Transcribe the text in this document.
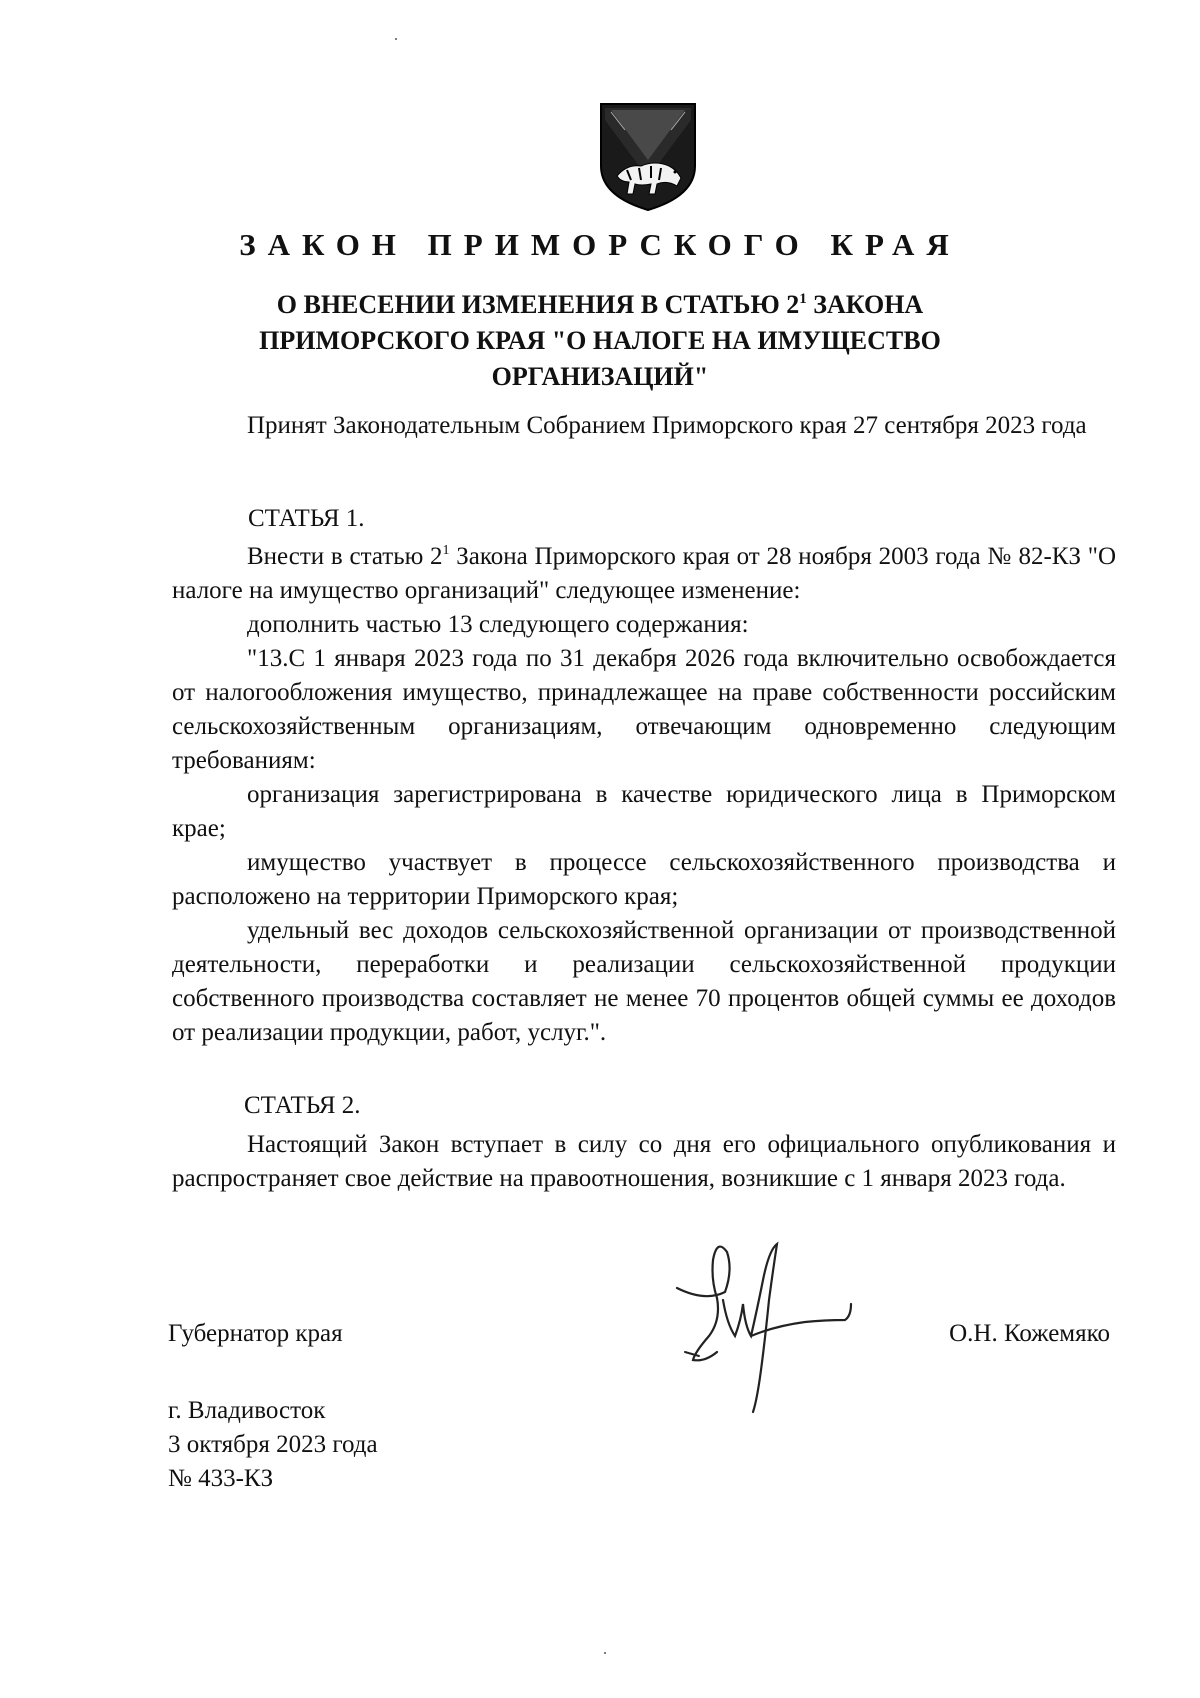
ЗАКОН ПРИМОРСКОГО КРАЯ
О ВНЕСЕНИИ ИЗМЕНЕНИЯ В СТАТЬЮ $2^1$ ЗАКОНА ПРИМОРСКОГО КРАЯ "О НАЛОГЕ НА ИМУЩЕСТВО ОРГАНИЗАЦИЙ"

Принят Законодательным Собранием Приморского края 27 сентября 2023 года

СТАТЬЯ 1.

Внести в статью $2^1$ Закона Приморского края от 28 ноября 2003 года № 82-КЗ "О налоге на имущество организаций" следующее изменение:

дополнить частью 13 следующего содержания:

"13.С 1 января 2023 года по 31 декабря 2026 года включительно освобождается от налогообложения имущество, принадлежащее на праве собственности российским сельскохозяйственным организациям, отвечающим одновременно следующим требованиям:

организация зарегистрирована в качестве юридического лица в Приморском крае;

имущество участвует в процессе сельскохозяйственного производства и расположено на территории Приморского края;

удельный вес доходов сельскохозяйственной организации от производственной деятельности, переработки и реализации сельскохозяйственной продукции собственного производства составляет не менее 70 процентов общей суммы ее доходов от реализации продукции, работ, услуг.".

СТАТЬЯ 2.

Настоящий Закон вступает в силу со дня его официального опубликования и распространяет свое действие на правоотношения, возникшие с 1 января 2023 года.

Губернатор края	О.Н. Кожемяко
г. Владивосток
3 октября 2023 года
№ 433-КЗ
